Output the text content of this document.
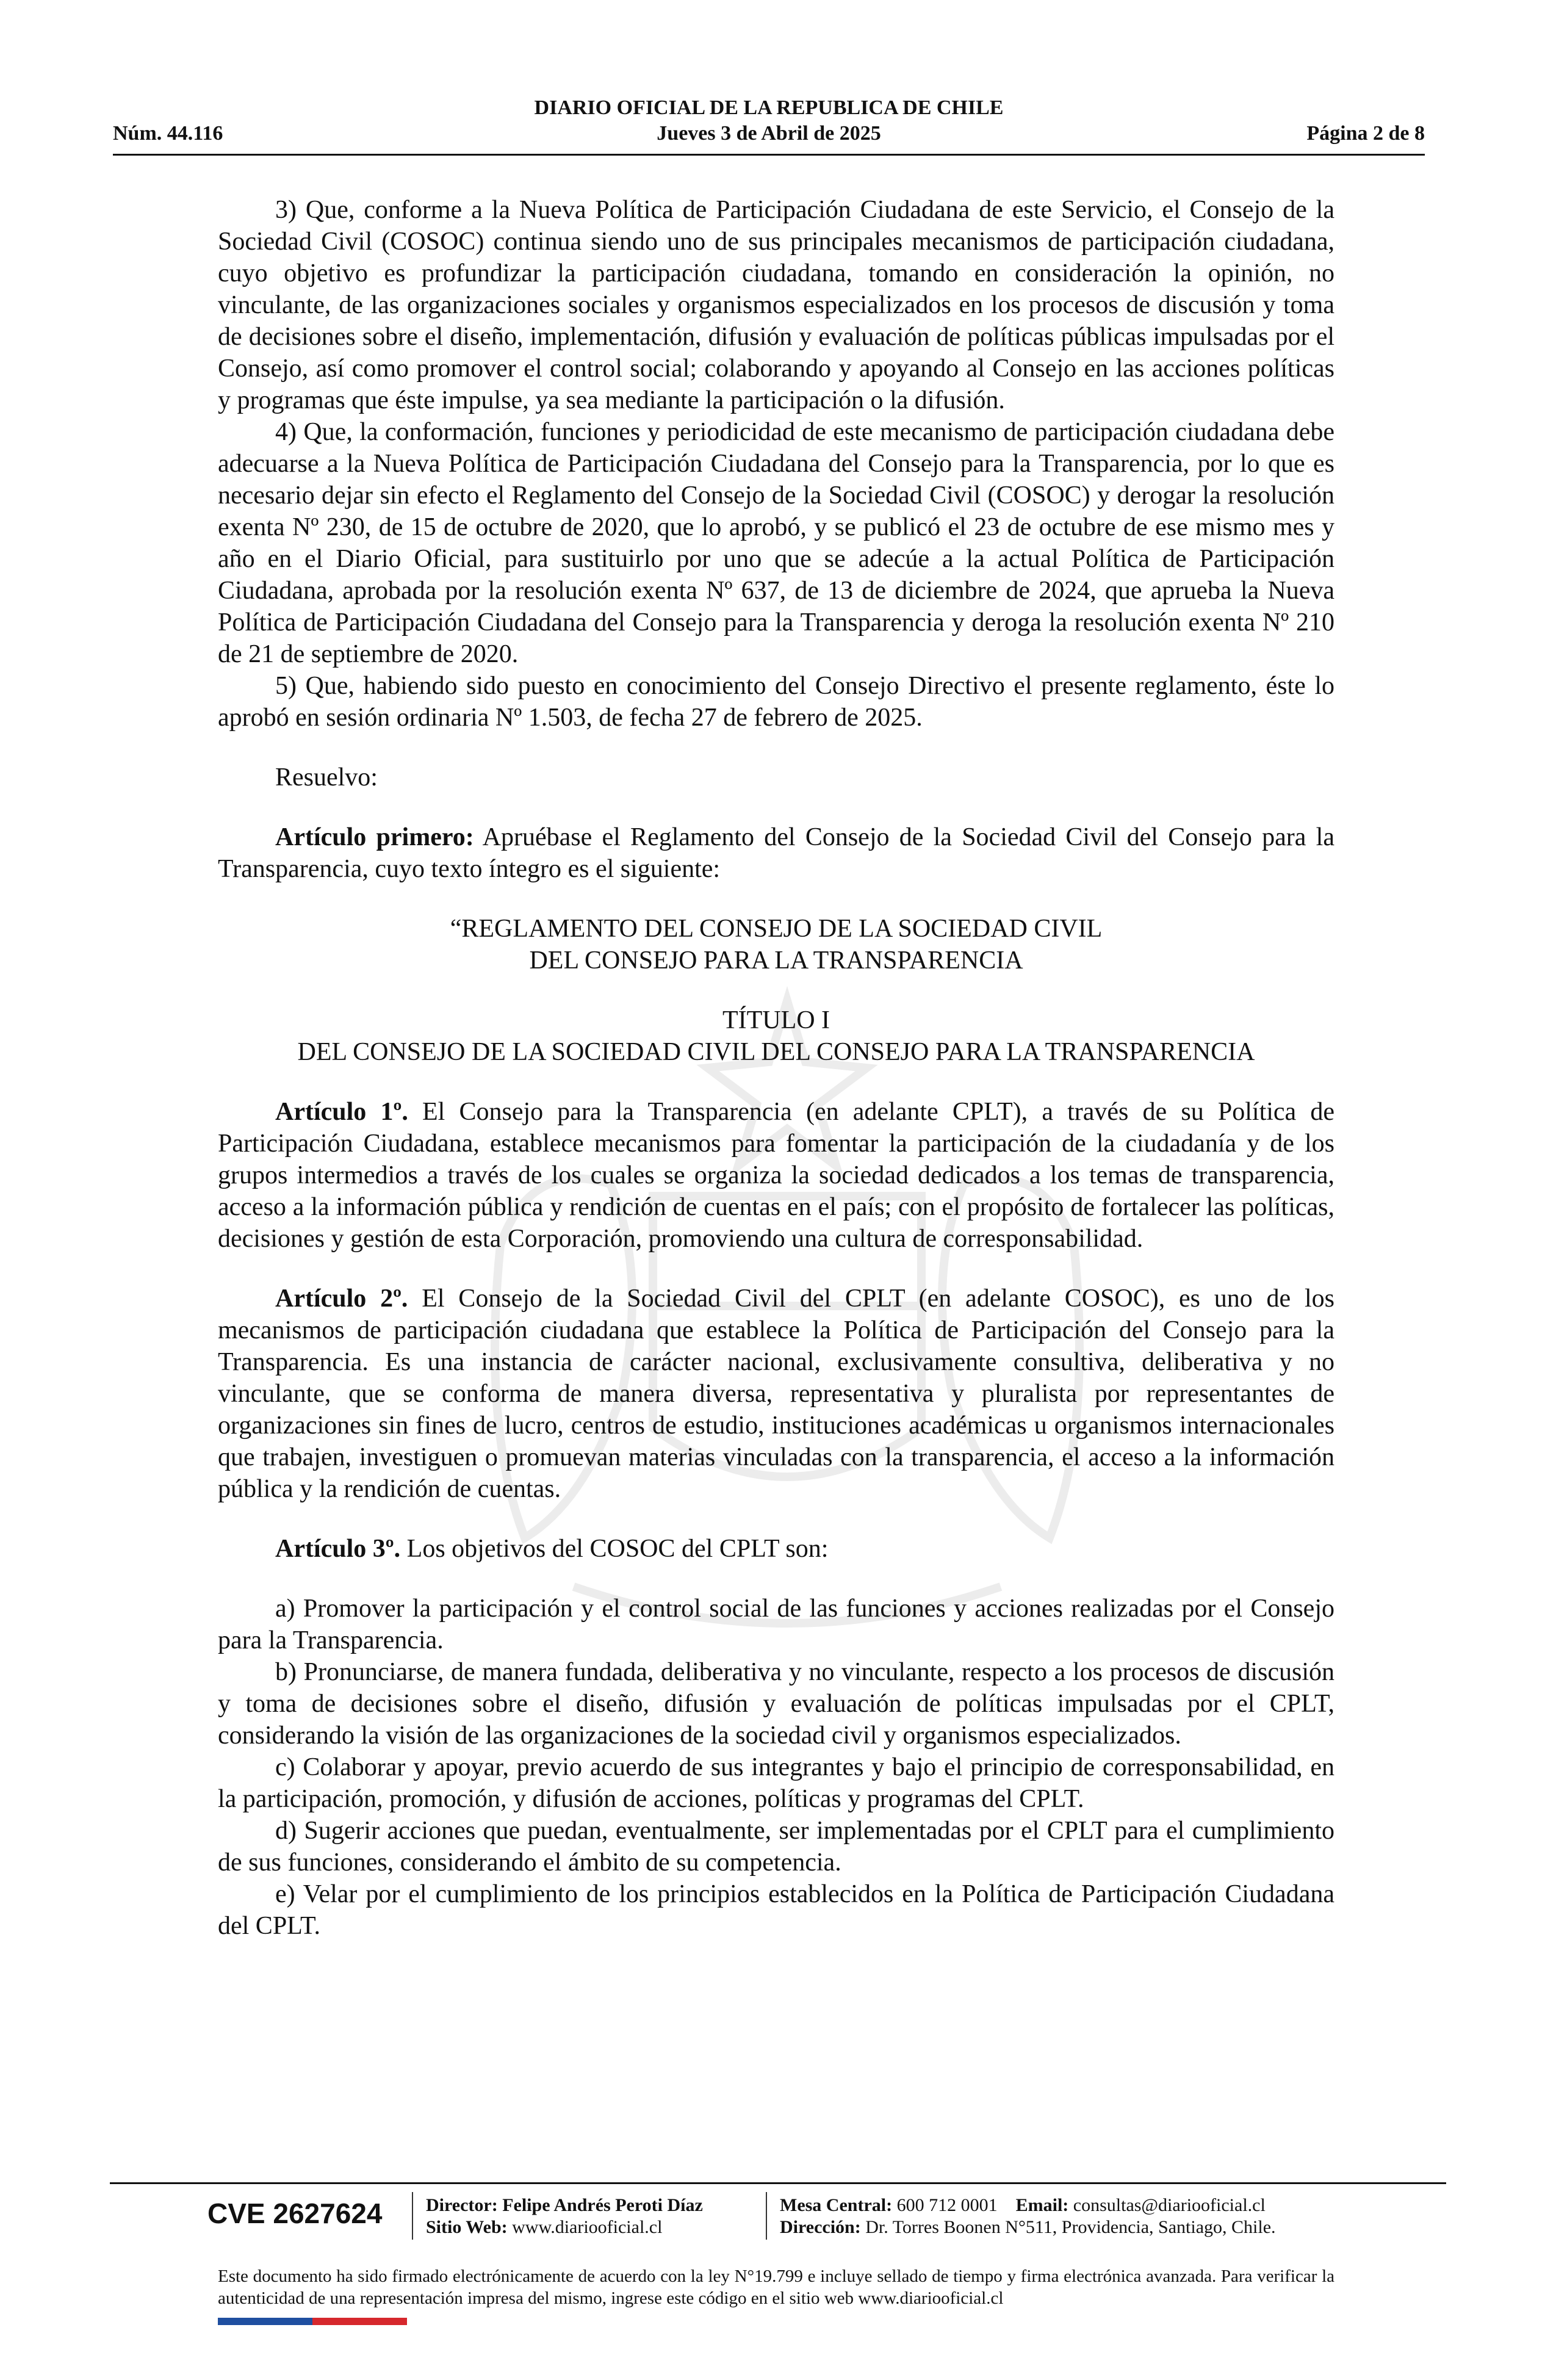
DIARIO OFICIAL DE LA REPUBLICA DE CHILE
Núm. 44.116	Jueves 3 de Abril de 2025	Página 2 de 8

3) Que, conforme a la Nueva Política de Participación Ciudadana de este Servicio, el Consejo de la Sociedad Civil (COSOC) continua siendo uno de sus principales mecanismos de participación ciudadana, cuyo objetivo es profundizar la participación ciudadana, tomando en consideración la opinión, no vinculante, de las organizaciones sociales y organismos especializados en los procesos de discusión y toma de decisiones sobre el diseño, implementación, difusión y evaluación de políticas públicas impulsadas por el Consejo, así como promover el control social; colaborando y apoyando al Consejo en las acciones políticas y programas que éste impulse, ya sea mediante la participación o la difusión.

4) Que, la conformación, funciones y periodicidad de este mecanismo de participación ciudadana debe adecuarse a la Nueva Política de Participación Ciudadana del Consejo para la Transparencia, por lo que es necesario dejar sin efecto el Reglamento del Consejo de la Sociedad Civil (COSOC) y derogar la resolución exenta Nº 230, de 15 de octubre de 2020, que lo aprobó, y se publicó el 23 de octubre de ese mismo mes y año en el Diario Oficial, para sustituirlo por uno que se adecúe a la actual Política de Participación Ciudadana, aprobada por la resolución exenta Nº 637, de 13 de diciembre de 2024, que aprueba la Nueva Política de Participación Ciudadana del Consejo para la Transparencia y deroga la resolución exenta Nº 210 de 21 de septiembre de 2020.

5) Que, habiendo sido puesto en conocimiento del Consejo Directivo el presente reglamento, éste lo aprobó en sesión ordinaria Nº 1.503, de fecha 27 de febrero de 2025.

Resuelvo:

Artículo primero: Apruébase el Reglamento del Consejo de la Sociedad Civil del Consejo para la Transparencia, cuyo texto íntegro es el siguiente:

“REGLAMENTO DEL CONSEJO DE LA SOCIEDAD CIVIL

DEL CONSEJO PARA LA TRANSPARENCIA

TÍTULO I

DEL CONSEJO DE LA SOCIEDAD CIVIL DEL CONSEJO PARA LA TRANSPARENCIA

Artículo 1º. El Consejo para la Transparencia (en adelante CPLT), a través de su Política de Participación Ciudadana, establece mecanismos para fomentar la participación de la ciudadanía y de los grupos intermedios a través de los cuales se organiza la sociedad dedicados a los temas de transparencia, acceso a la información pública y rendición de cuentas en el país; con el propósito de fortalecer las políticas, decisiones y gestión de esta Corporación, promoviendo una cultura de corresponsabilidad.

Artículo 2º. El Consejo de la Sociedad Civil del CPLT (en adelante COSOC), es uno de los mecanismos de participación ciudadana que establece la Política de Participación del Consejo para la Transparencia. Es una instancia de carácter nacional, exclusivamente consultiva, deliberativa y no vinculante, que se conforma de manera diversa, representativa y pluralista por representantes de organizaciones sin fines de lucro, centros de estudio, instituciones académicas u organismos internacionales que trabajen, investiguen o promuevan materias vinculadas con la transparencia, el acceso a la información pública y la rendición de cuentas.

Artículo 3º. Los objetivos del COSOC del CPLT son:

a) Promover la participación y el control social de las funciones y acciones realizadas por el Consejo para la Transparencia.

b) Pronunciarse, de manera fundada, deliberativa y no vinculante, respecto a los procesos de discusión y toma de decisiones sobre el diseño, difusión y evaluación de políticas impulsadas por el CPLT, considerando la visión de las organizaciones de la sociedad civil y organismos especializados.

c) Colaborar y apoyar, previo acuerdo de sus integrantes y bajo el principio de corresponsabilidad, en la participación, promoción, y difusión de acciones, políticas y programas del CPLT.

d) Sugerir acciones que puedan, eventualmente, ser implementadas por el CPLT para el cumplimiento de sus funciones, considerando el ámbito de su competencia.

e) Velar por el cumplimiento de los principios establecidos en la Política de Participación Ciudadana del CPLT.

CVE 2627624 Director: Felipe Andrés Peroti Díaz
Sitio Web: www.diariooficial.cl
Mesa Central: 600 712 0001 Email: consultas@diariooficial.cl
Dirección: Dr. Torres Boonen N°511, Providencia, Santiago, Chile.
Este documento ha sido firmado electrónicamente de acuerdo con la ley N°19.799 e incluye sellado de tiempo y firma electrónica avanzada. Para verificar la autenticidad de una representación impresa del mismo, ingrese este código en el sitio web www.diariooficial.cl
